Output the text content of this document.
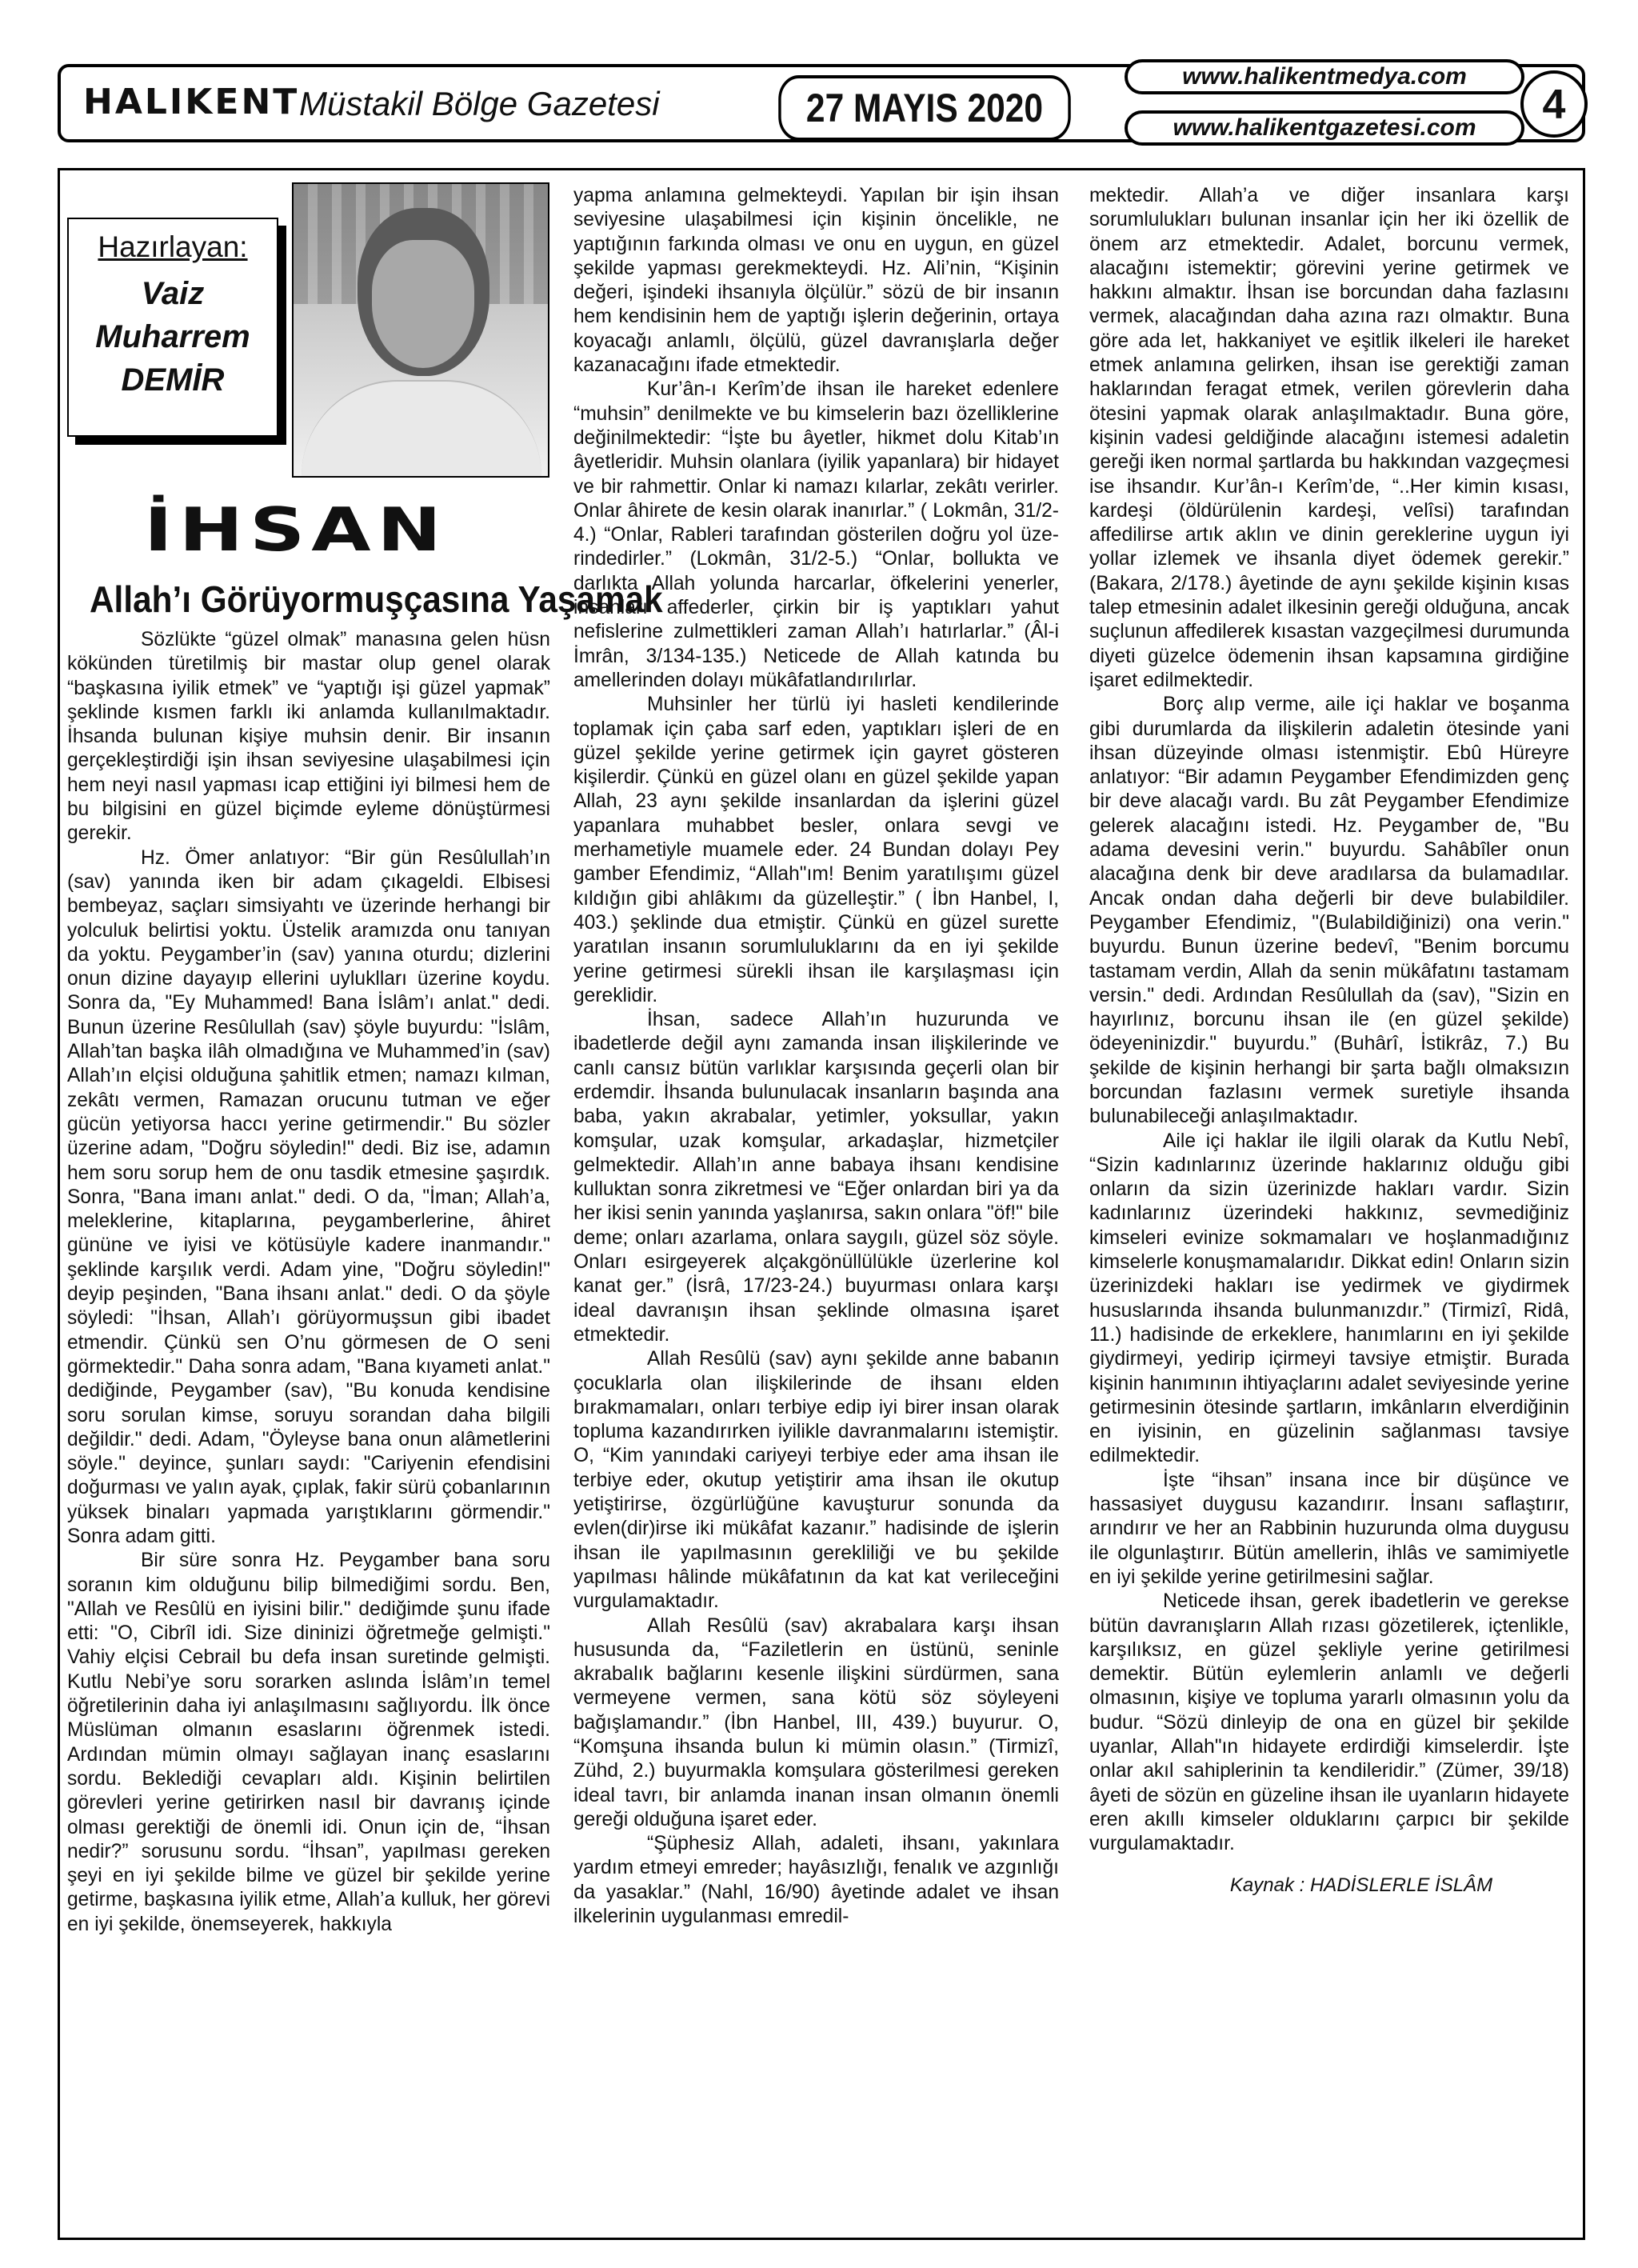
HALIKENT Müstakil Bölge Gazetesi	27 MAYIS 2020
www.halikentmedya.com
www.halikentgazetesi.com	4
Hazırlayan:
Vaiz
Muharrem
DEMİR
İHSAN
Allah’ı Görüyormuşçasına Yaşamak

Sözlükte “güzel olmak” manasına gelen hüsn kökünden türetilmiş bir mastar olup genel olarak “başkasına iyilik etmek” ve “yaptığı işi güzel yapmak” şeklinde kısmen farklı iki anlamda kullanılmaktadır. İhsanda bulunan kişiye muhsin denir. Bir insanın gerçekleştirdiği işin ihsan seviyesine ulaşabilmesi için hem neyi nasıl yapması icap ettiğini iyi bilmesi hem de bu bilgisini en güzel biçimde eyleme dönüştürmesi gerekir.

Hz. Ömer anlatıyor: “Bir gün Resûlullah’ın (sav) yanında iken bir adam çıkageldi. Elbisesi bembeyaz, saçları simsiyahtı ve üzerinde herhangi bir yolculuk belirtisi yoktu. Üstelik aramızda onu tanıyan da yoktu. Peygamber’in (sav) yanına oturdu; dizlerini onun dizine dayayıp ellerini uyluklları üzerine koydu. Sonra da, "Ey Muhammed! Bana İslâm’ı anlat." dedi. Bunun üzerine Resûlullah (sav) şöyle buyurdu: "İslâm, Allah’tan başka ilâh olmadığına ve Muhammed’in (sav) Allah’ın elçisi olduğuna şahitlik etmen; namazı kılman, zekâtı vermen, Ramazan orucunu tutman ve eğer gücün yetiyorsa haccı yerine getirmendir." Bu sözler üzerine adam, "Doğru söyledin!" dedi. Biz ise, adamın hem soru sorup hem de onu tasdik etmesine şaşırdık. Sonra, "Bana imanı anlat." dedi. O da, "İman; Allah’a, meleklerine, kitaplarına, peygamberlerine, âhiret gününe ve iyisi ve kötüsüyle kadere inanmandır." şeklinde karşılık verdi. Adam yine, "Doğru söyledin!" deyip peşinden, "Bana ihsanı anlat." dedi. O da şöyle söyledi: "İhsan, Allah’ı görüyormuşsun gibi ibadet etmendir. Çünkü sen O’nu görmesen de O seni görmektedir." Daha sonra adam, "Bana kıyameti anlat." dediğinde, Peygamber (sav), "Bu konuda kendisine soru sorulan kimse, soruyu sorandan daha bilgili değildir." dedi. Adam, "Öyleyse bana onun alâmetlerini söyle." deyince, şunları saydı: "Cariyenin efendisini doğurması ve yalın ayak, çıplak, fakir sürü çobanlarının yüksek binaları yapmada yarıştıklarını görmendir." Sonra adam gitti.

Bir süre sonra Hz. Peygamber bana soru soranın kim olduğunu bilip bilmediğimi sordu. Ben, "Allah ve Resûlü en iyisini bilir." dediğimde şunu ifade etti: "O, Cibrîl idi. Size dininizi öğretmeğe gelmişti." Vahiy elçisi Cebrail bu defa insan suretinde gelmişti. Kutlu Nebi’ye soru sorarken aslında İslâm’ın temel öğretilerinin daha iyi anlaşılmasını sağlıyordu. İlk önce Müslüman olmanın esaslarını öğrenmek istedi. Ardından mümin olmayı sağlayan inanç esaslarını sordu. Beklediği cevapları aldı. Kişinin belirtilen görevleri yerine getirirken nasıl bir davranış içinde olması gerektiği de önemli idi. Onun için de, “İhsan nedir?” sorusunu sordu. “İhsan”, yapılması gereken şeyi en iyi şekilde bilme ve güzel bir şekilde yerine getirme, başkasına iyilik etme, Allah’a kulluk, her görevi en iyi şekilde, önemseyerek, hakkıyla

yapma anlamına gelmekteydi. Yapılan bir işin ihsan seviyesine ulaşabilmesi için kişinin öncelikle, ne yaptığının farkında olması ve onu en uygun, en güzel şekilde yapması gerekmekteydi. Hz. Ali’nin, “Kişinin değeri, işindeki ihsanıyla ölçülür.” sözü de bir insanın hem kendisinin hem de yaptığı işlerin değerinin, ortaya koyacağı anlamlı, ölçülü, güzel davranışlarla değer kazanacağını ifade etmektedir.

Kur’ân-ı Kerîm’de ihsan ile hareket edenlere “muhsin” denilmekte ve bu kimselerin bazı özelliklerine değinilmektedir: “İşte bu âyetler, hikmet dolu Kitab’ın âyetleridir. Muhsin olanlara (iyilik yapanlara) bir hidayet ve bir rahmettir. Onlar ki namazı kılarlar, zekâtı verirler. Onlar âhirete de kesin olarak inanırlar.” ( Lokmân, 31/2-4.) “Onlar, Rableri tarafından gösterilen doğru yol üze-rindedirler.” (Lokmân, 31/2-5.) “Onlar, bollukta ve darlıkta Allah yolunda harcarlar, öfkelerini yenerler, insanları affederler, çirkin bir iş yaptıkları yahut nefislerine zulmettikleri zaman Allah’ı hatırlarlar.” (Âl-i İmrân, 3/134-135.) Neticede de Allah katında bu amellerinden dolayı mükâfatlandırılırlar.

Muhsinler her türlü iyi hasleti kendilerinde toplamak için çaba sarf eden, yaptıkları işleri de en güzel şekilde yerine getirmek için gayret gösteren kişilerdir. Çünkü en güzel olanı en güzel şekilde yapan Allah, 23 aynı şekilde insanlardan da işlerini güzel yapanlara muhabbet besler, onlara sevgi ve merhametiyle muamele eder. 24 Bundan dolayı Pey gamber Efendimiz, “Allah"ım! Benim yaratılışımı güzel kıldığın gibi ahlâkımı da güzelleştir.” ( İbn Hanbel, I, 403.) şeklinde dua etmiştir. Çünkü en güzel surette yaratılan insanın sorumluluklarını da en iyi şekilde yerine getirmesi sürekli ihsan ile karşılaşması için gereklidir.

İhsan, sadece Allah’ın huzurunda ve ibadetlerde değil aynı zamanda insan ilişkilerinde ve canlı cansız bütün varlıklar karşısında geçerli olan bir erdemdir. İhsanda bulunulacak insanların başında ana baba, yakın akrabalar, yetimler, yoksullar, yakın komşular, uzak komşular, arkadaşlar, hizmetçiler gelmektedir. Allah’ın anne babaya ihsanı kendisine kulluktan sonra zikretmesi ve “Eğer onlardan biri ya da her ikisi senin yanında yaşlanırsa, sakın onlara "öf!" bile deme; onları azarlama, onlara saygılı, güzel söz söyle. Onları esirgeyerek alçakgönüllülükle üzerlerine kol kanat ger.” (İsrâ, 17/23-24.) buyurması onlara karşı ideal davranışın ihsan şeklinde olmasına işaret etmektedir.

Allah Resûlü (sav) aynı şekilde anne babanın çocuklarla olan ilişkilerinde de ihsanı elden bırakmamaları, onları terbiye edip iyi birer insan olarak topluma kazandırırken iyilikle davranmalarını istemiştir. O, “Kim yanındaki cariyeyi terbiye eder ama ihsan ile terbiye eder, okutup yetiştirir ama ihsan ile okutup yetiştirirse, özgürlüğüne kavuşturur sonunda da evlen(dir)irse iki mükâfat kazanır.” hadisinde de işlerin ihsan ile yapılmasının gerekliliği ve bu şekilde yapılması hâlinde mükâfatının da kat kat verileceğini vurgulamaktadır.

Allah Resûlü (sav) akrabalara karşı ihsan hususunda da, “Faziletlerin en üstünü, seninle akrabalık bağlarını kesenle ilişkini sürdürmen, sana vermeyene vermen, sana kötü söz söyleyeni bağışlamandır.” (İbn Hanbel, III, 439.) buyurur. O, “Komşuna ihsanda bulun ki mümin olasın.” (Tirmizî, Zühd, 2.) buyurmakla komşulara gösterilmesi gereken ideal tavrı, bir anlamda inanan insan olmanın önemli gereği olduğuna işaret eder.

“Şüphesiz Allah, adaleti, ihsanı, yakınlara yardım etmeyi emreder; hayâsızlığı, fenalık ve azgınlığı da yasaklar.” (Nahl, 16/90) âyetinde adalet ve ihsan ilkelerinin uygulanması emredil-

mektedir. Allah’a ve diğer insanlara karşı sorumlulukları bulunan insanlar için her iki özellik de önem arz etmektedir. Adalet, borcunu vermek, alacağını istemektir; görevini yerine getirmek ve hakkını almaktır. İhsan ise borcundan daha fazlasını vermek, alacağından daha azına razı olmaktır. Buna göre ada let, hakkaniyet ve eşitlik ilkeleri ile hareket etmek anlamına gelirken, ihsan ise gerektiği zaman haklarından feragat etmek, verilen görevlerin daha ötesini yapmak olarak anlaşılmaktadır. Buna göre, kişinin vadesi geldiğinde alacağını istemesi adaletin gereği iken normal şartlarda bu hakkından vazgeçmesi ise ihsandır. Kur’ân-ı Kerîm’de, “..Her kimin kısası, kardeşi (öldürülenin kardeşi, velîsi) tarafından affedilirse artık aklın ve dinin gereklerine uygun iyi yollar izlemek ve ihsanla diyet ödemek gerekir.” (Bakara, 2/178.) âyetinde de aynı şekilde kişinin kısas talep etmesinin adalet ilkesinin gereği olduğuna, ancak suçlunun affedilerek kısastan vazgeçilmesi durumunda diyeti güzelce ödemenin ihsan kapsamına girdiğine işaret edilmektedir.

Borç alıp verme, aile içi haklar ve boşanma gibi durumlarda da ilişkilerin adaletin ötesinde yani ihsan düzeyinde olması istenmiştir. Ebû Hüreyre anlatıyor: “Bir adamın Peygamber Efendimizden genç bir deve alacağı vardı. Bu zât Peygamber Efendimize gelerek alacağını istedi. Hz. Peygamber de, "Bu adama devesini verin." buyurdu. Sahâbîler onun alacağına denk bir deve aradılarsa da bulamadılar. Ancak ondan daha değerli bir deve bulabildiler. Peygamber Efendimiz, "(Bulabildiğinizi) ona verin." buyurdu. Bunun üzerine bedevî, "Benim borcumu tastamam verdin, Allah da senin mükâfatını tastamam versin." dedi. Ardından Resûlullah da (sav), "Sizin en hayırlınız, borcunu ihsan ile (en güzel şekilde) ödeyeninizdir." buyurdu.” (Buhârî, İstikrâz, 7.) Bu şekilde de kişinin herhangi bir şarta bağlı olmaksızın borcundan fazlasını vermek suretiyle ihsanda bulunabileceği anlaşılmaktadır.

Aile içi haklar ile ilgili olarak da Kutlu Nebî, “Sizin kadınlarınız üzerinde haklarınız olduğu gibi onların da sizin üzerinizde hakları vardır. Sizin kadınlarınız üzerindeki hakkınız, sevmediğiniz kimseleri evinize sokmamaları ve hoşlanmadığınız kimselerle konuşmamalarıdır. Dikkat edin! Onların sizin üzerinizdeki hakları ise yedirmek ve giydirmek hususlarında ihsanda bulunmanızdır.” (Tirmizî, Ridâ, 11.) hadisinde de erkeklere, hanımlarını en iyi şekilde giydirmeyi, yedirip içirmeyi tavsiye etmiştir. Burada kişinin hanımının ihtiyaçlarını adalet seviyesinde yerine getirmesinin ötesinde şartların, imkânların elverdiğinin en iyisinin, en güzelinin sağlanması tavsiye edilmektedir.

İşte “ihsan” insana ince bir düşünce ve hassasiyet duygusu kazandırır. İnsanı saflaştırır, arındırır ve her an Rabbinin huzurunda olma duygusu ile olgunlaştırır. Bütün amellerin, ihlâs ve samimiyetle en iyi şekilde yerine getirilmesini sağlar.

Neticede ihsan, gerek ibadetlerin ve gerekse bütün davranışların Allah rızası gözetilerek, içtenlikle, karşılıksız, en güzel şekliyle yerine getirilmesi demektir. Bütün eylemlerin anlamlı ve değerli olmasının, kişiye ve topluma yararlı olmasının yolu da budur. “Sözü dinleyip de ona en güzel bir şekilde uyanlar, Allah"ın hidayete erdirdiği kimselerdir. İşte onlar akıl sahiplerinin ta kendileridir.” (Zümer, 39/18) âyeti de sözün en güzeline ihsan ile uyanların hidayete eren akıllı kimseler olduklarını çarpıcı bir şekilde vurgulamaktadır.

Kaynak : HADİSLERLE İSLÂM
